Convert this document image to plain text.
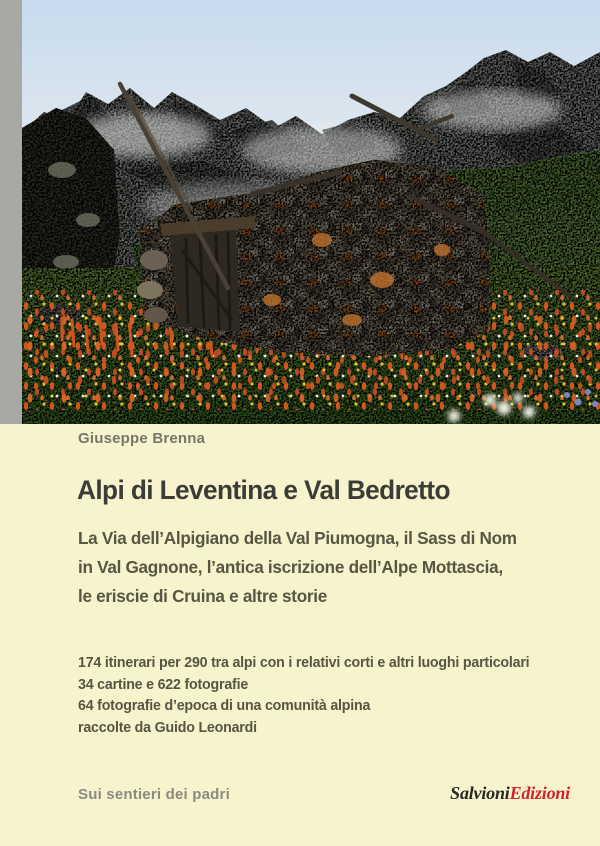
Giuseppe Brenna
Alpi di Leventina e Val Bedretto
La Via dell’Alpigiano della Val Piumogna, il Sass di Nom
in Val Gagnone, l’antica iscrizione dell’Alpe Mottascia,
le eriscie di Cruina e altre storie
174 itinerari per 290 tra alpi con i relativi corti e altri luoghi particolari
34 cartine e 622 fotografie
64 fotografie d’epoca di una comunità alpina
raccolte da Guido Leonardi
Sui sentieri dei padri	SalvioniEdizioni
